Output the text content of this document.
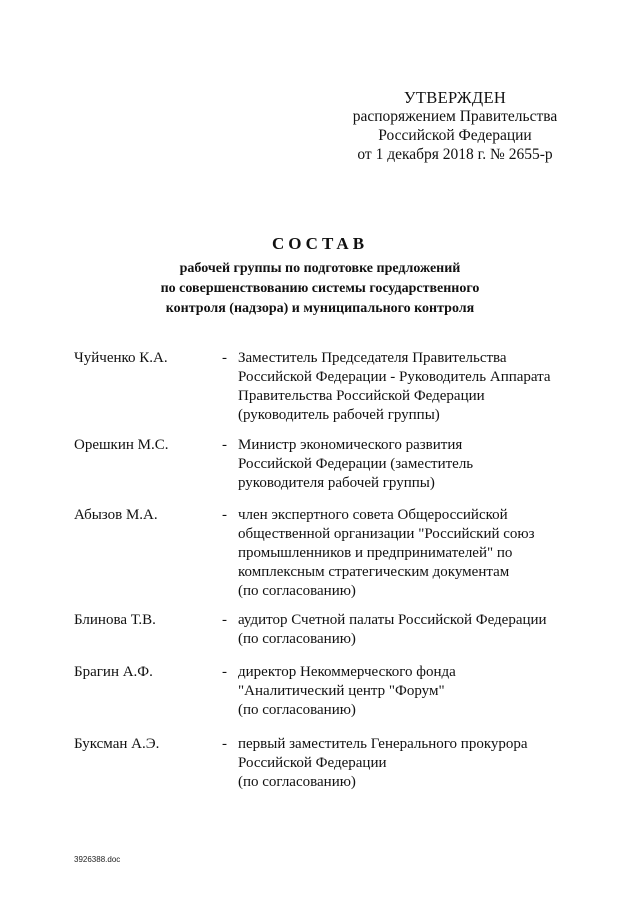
УТВЕРЖДЕН
распоряжением Правительства
Российской Федерации
от 1 декабря 2018 г. № 2655-р
СОСТАВ
рабочей группы по подготовке предложений
по совершенствованию системы государственного
контроля (надзора) и муниципального контроля
Чуйченко К.А.	- Заместитель Председателя Правительства
Российской Федерации - Руководитель Аппарата
Правительства Российской Федерации
(руководитель рабочей группы)
Орешкин М.С.	- Министр экономического развития
Российской Федерации (заместитель
руководителя рабочей группы)
Абызов М.А.	- член экспертного совета Общероссийской
общественной организации "Российский союз
промышленников и предпринимателей" по
комплексным стратегическим документам
(по согласованию)
Блинова Т.В.	- аудитор Счетной палаты Российской Федерации
(по согласованию)
Брагин А.Ф.	- директор Некоммерческого фонда
"Аналитический центр "Форум"
(по согласованию)
Буксман А.Э.	- первый заместитель Генерального прокурора
Российской Федерации
(по согласованию)
3926388.doc
